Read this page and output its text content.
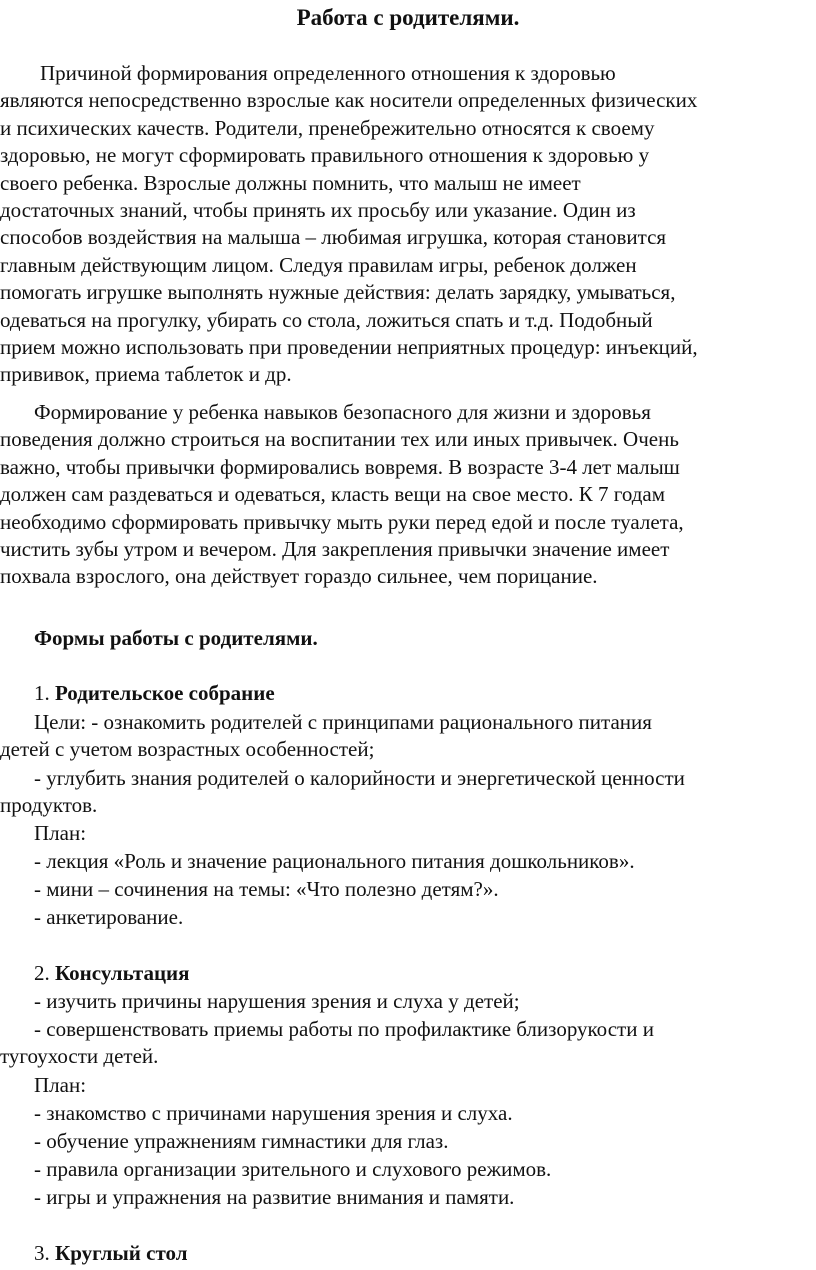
Работа с родителями.
Причиной формирования определенного отношения к здоровью
являются непосредственно взрослые как носители определенных физических
и психических качеств. Родители, пренебрежительно относятся к своему
здоровью, не могут сформировать правильного отношения к здоровью у
своего ребенка. Взрослые должны помнить, что малыш не имеет
достаточных знаний, чтобы принять их просьбу или указание. Один из
способов воздействия на малыша – любимая игрушка, которая становится
главным действующим лицом. Следуя правилам игры, ребенок должен
помогать игрушке выполнять нужные действия: делать зарядку, умываться,
одеваться на прогулку, убирать со стола, ложиться спать и т.д. Подобный
прием можно использовать при проведении неприятных процедур: инъекций,
прививок, приема таблеток и др.
Формирование у ребенка навыков безопасного для жизни и здоровья
поведения должно строиться на воспитании тех или иных привычек. Очень
важно, чтобы привычки формировались вовремя. В возрасте 3-4 лет малыш
должен сам раздеваться и одеваться, класть вещи на свое место. К 7 годам
необходимо сформировать привычку мыть руки перед едой и после туалета,
чистить зубы утром и вечером. Для закрепления привычки значение имеет
похвала взрослого, она действует гораздо сильнее, чем порицание.
Формы работы с родителями.
1. Родительское собрание
Цели: - ознакомить родителей с принципами рационального питания
детей с учетом возрастных особенностей;
- углубить знания родителей о калорийности и энергетической ценности
продуктов.
План:
- лекция «Роль и значение рационального питания дошкольников».
- мини – сочинения на темы: «Что полезно детям?».
- анкетирование.
2. Консультация
- изучить причины нарушения зрения и слуха у детей;
- совершенствовать приемы работы по профилактике близорукости и
тугоухости детей.
План:
- знакомство с причинами нарушения зрения и слуха.
- обучение упражнениям гимнастики для глаз.
- правила организации зрительного и слухового режимов.
- игры и упражнения на развитие внимания и памяти.
3. Круглый стол
